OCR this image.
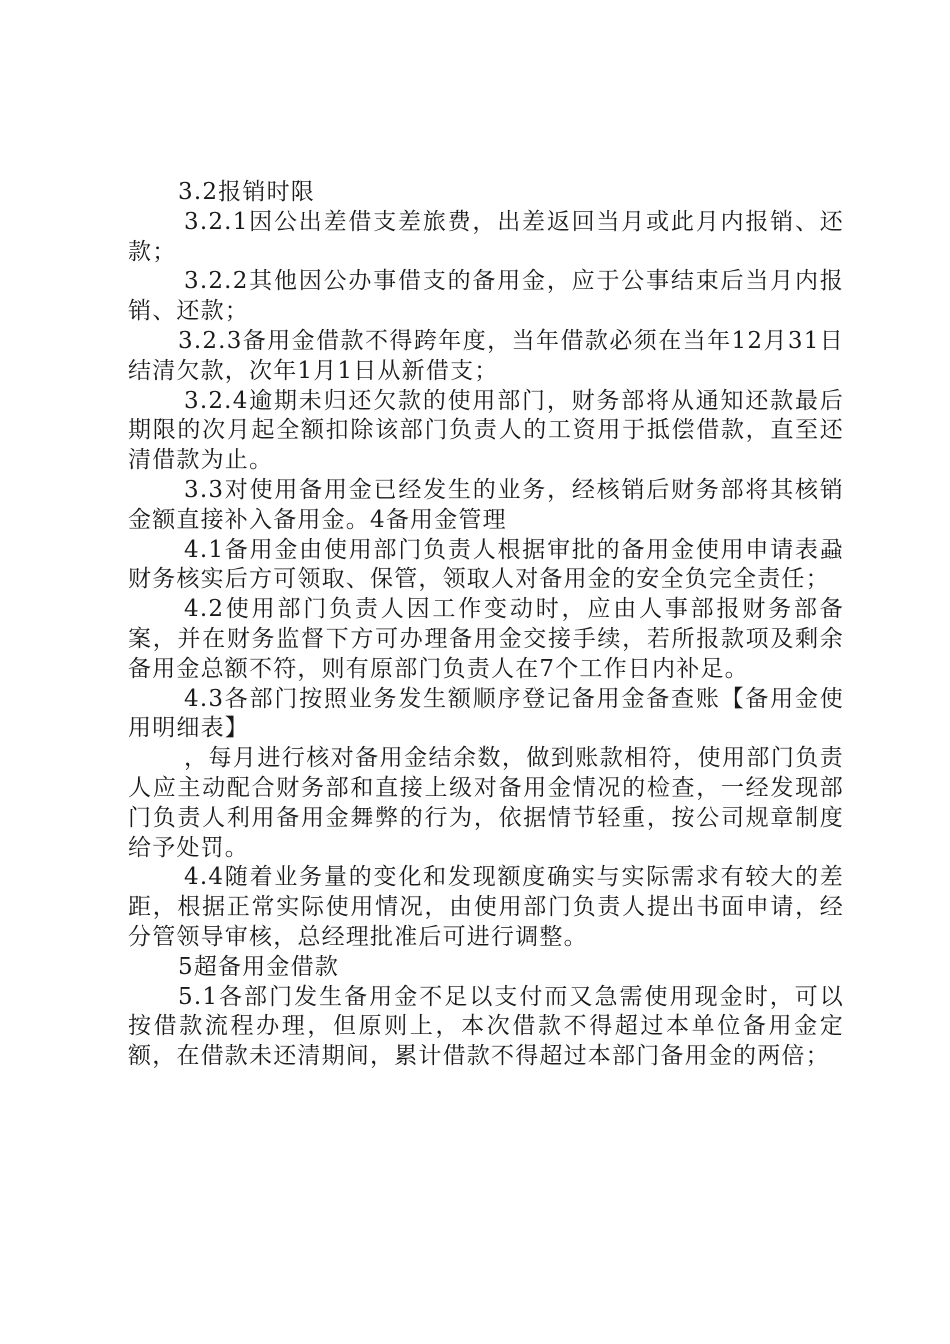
3.2报销时限

3.2.1因公出差借支差旅费，出差返回当月或此月内报销、还款；

3.2.2其他因公办事借支的备用金，应于公事结束后当月内报销、还款；

3.2.3备用金借款不得跨年度，当年借款必须在当年12月31日结清欠款，次年1月1日从新借支；

3.2.4逾期未归还欠款的使用部门，财务部将从通知还款最后期限的次月起全额扣除该部门负责人的工资用于抵偿借款，直至还清借款为止。

3.3对使用备用金已经发生的业务，经核销后财务部将其核销金额直接补入备用金。4备用金管理

4.1备用金由使用部门负责人根据审批的备用金使用申请表蝨财务核实后方可领取、保管，领取人对备用金的安全负完全责任；

4.2使用部门负责人因工作变动时，应由人事部报财务部备案，并在财务监督下方可办理备用金交接手续，若所报款项及剩余备用金总额不符，则有原部门负责人在7个工作日内补足。

4.3各部门按照业务发生额顺序登记备用金备查账【备用金使用明细表】

，每月进行核对备用金结余数，做到账款相符，使用部门负责人应主动配合财务部和直接上级对备用金情况的检查，一经发现部门负责人利用备用金舞弊的行为，依据情节轻重，按公司规章制度给予处罚。

4.4随着业务量的变化和发现额度确实与实际需求有较大的差距，根据正常实际使用情况，由使用部门负责人提出书面申请，经分管领导审核，总经理批准后可进行调整。

5超备用金借款

5.1各部门发生备用金不足以支付而又急需使用现金时，可以按借款流程办理，但原则上，本次借款不得超过本单位备用金定额，在借款未还清期间，累计借款不得超过本部门备用金的两倍；
